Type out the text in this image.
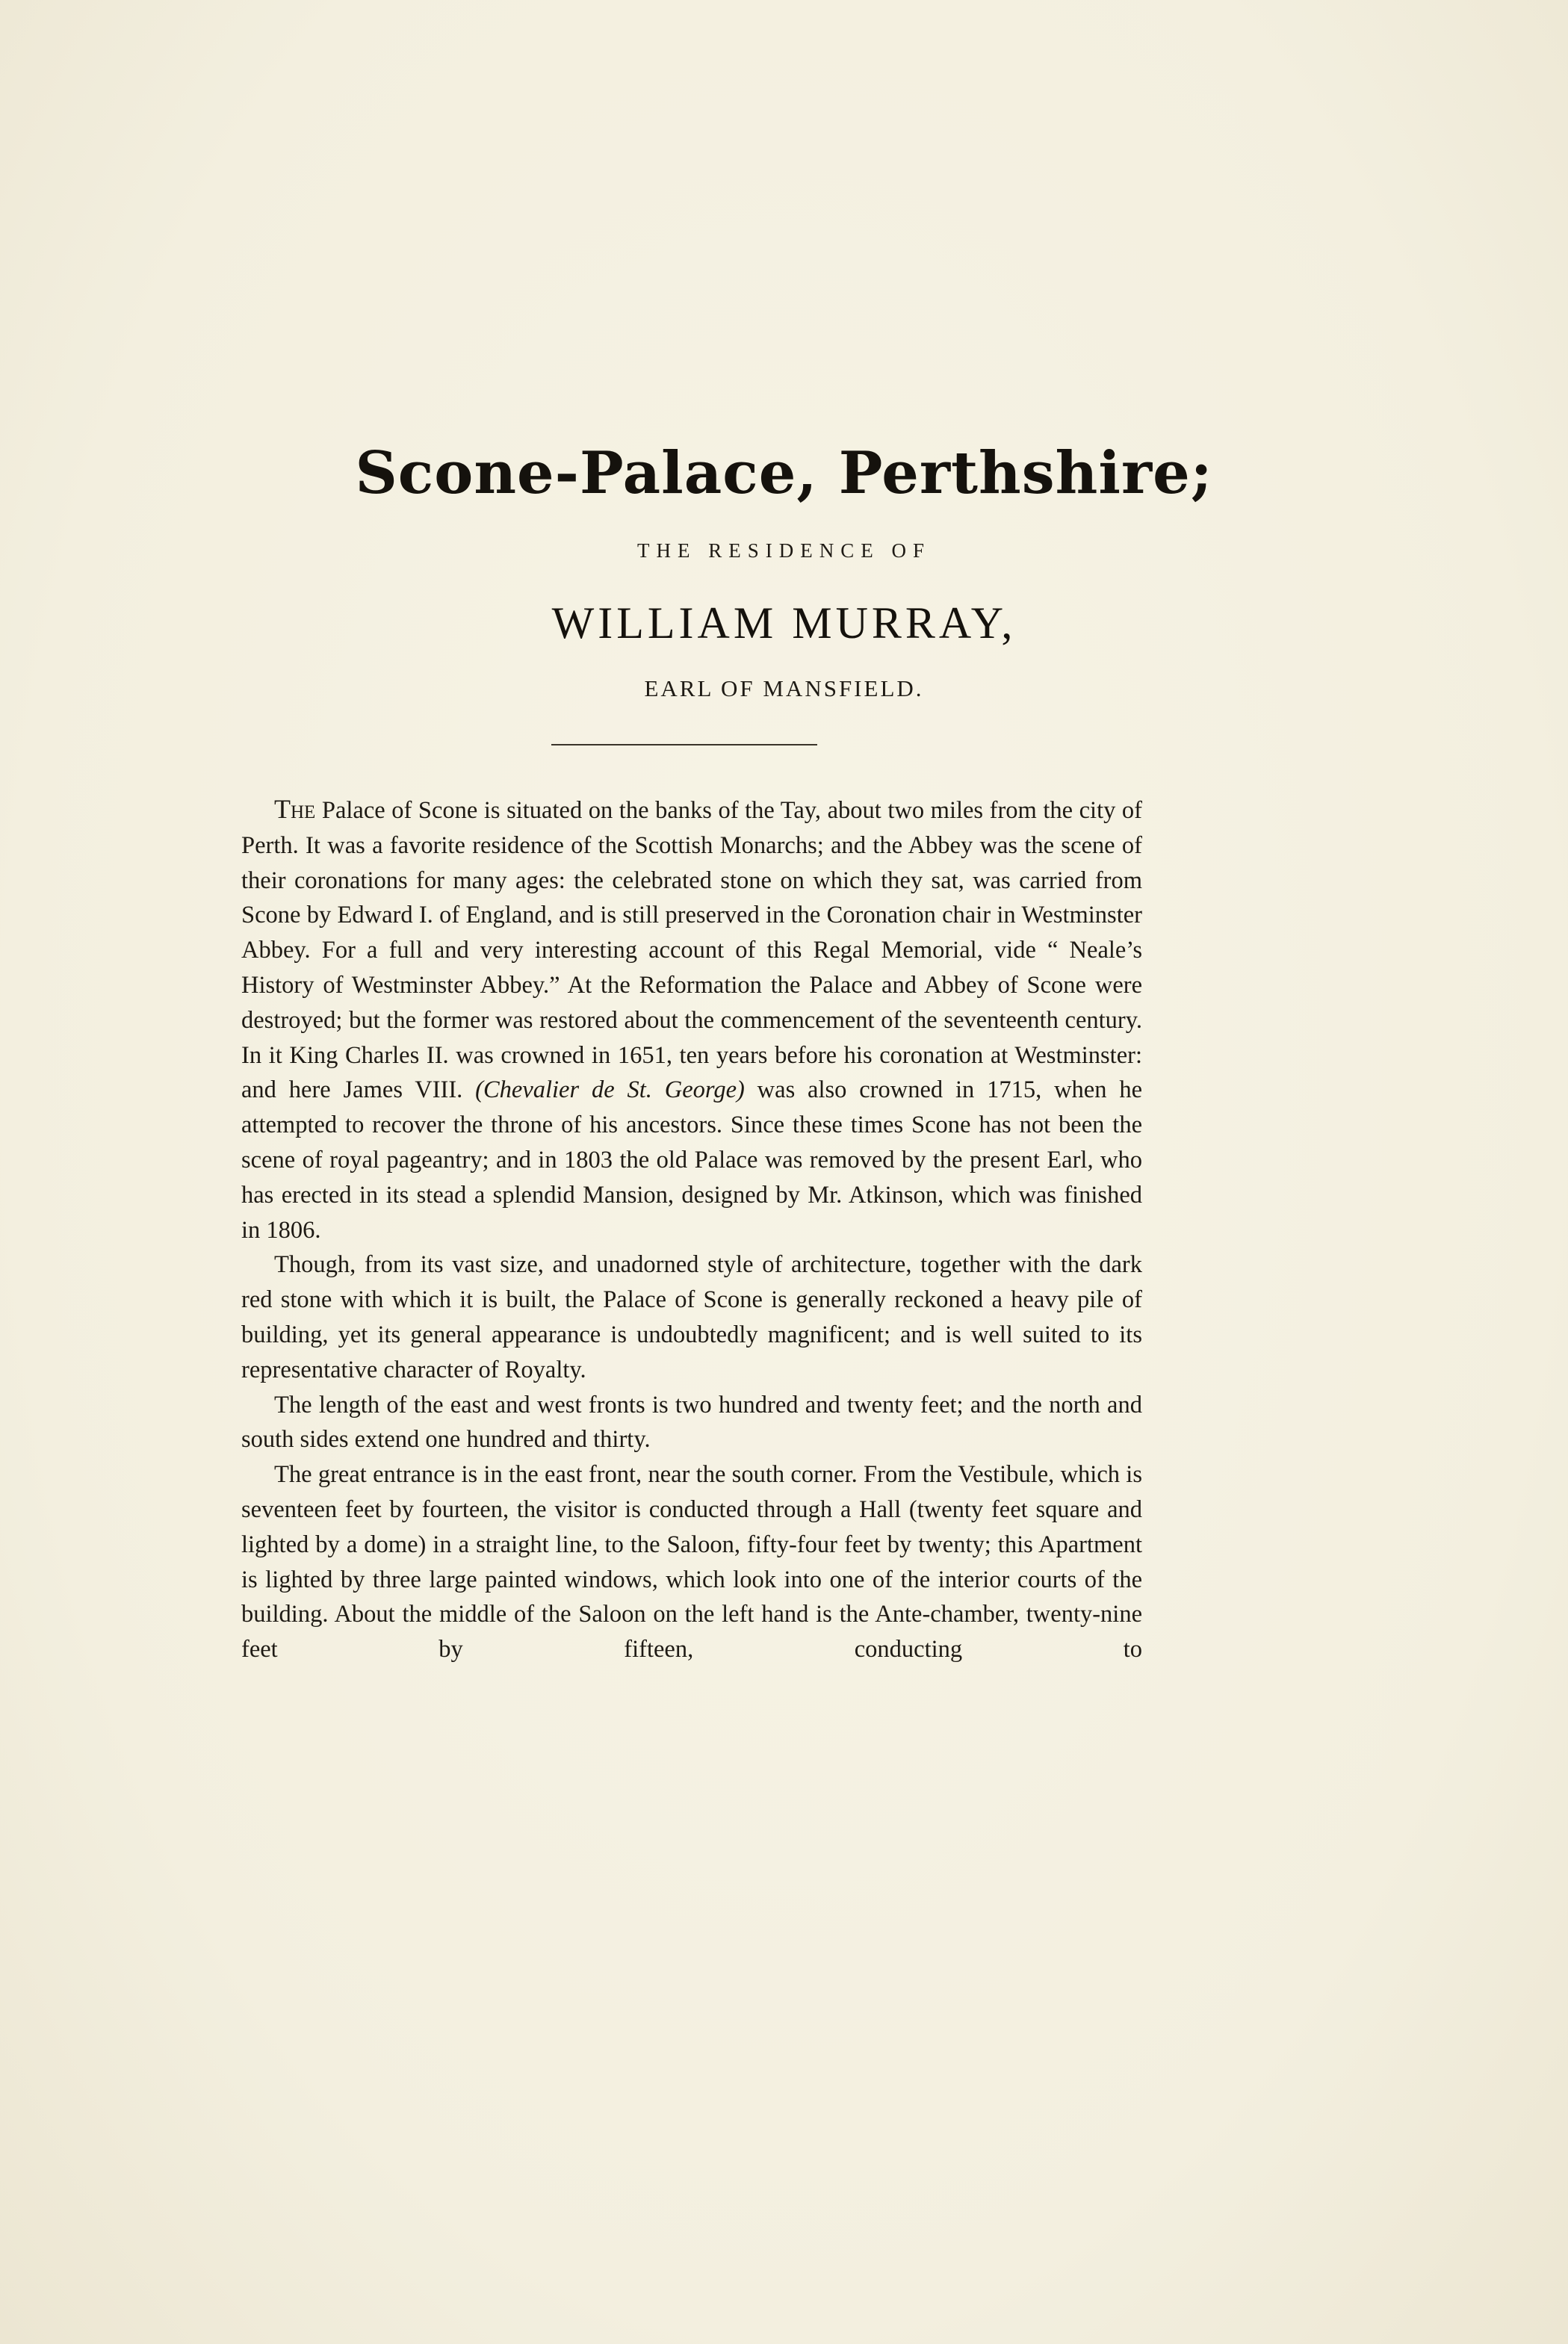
Scone-Palace, Perthshire;
THE RESIDENCE OF
WILLIAM MURRAY,
EARL OF MANSFIELD.

The Palace of Scone is situated on the banks of the Tay, about two miles from the city of Perth. It was a favorite residence of the Scottish Monarchs; and the Abbey was the scene of their coronations for many ages: the celebrated stone on which they sat, was carried from Scone by Edward I. of England, and is still preserved in the Coronation chair in Westminster Abbey. For a full and very interesting account of this Regal Memorial, vide “ Neale’s History of Westminster Abbey.” At the Reformation the Palace and Abbey of Scone were destroyed; but the former was restored about the commencement of the seventeenth century. In it King Charles II. was crowned in 1651, ten years before his coronation at Westminster: and here James VIII. (Chevalier de St. George) was also crowned in 1715, when he attempted to recover the throne of his ancestors. Since these times Scone has not been the scene of royal pageantry; and in 1803 the old Palace was removed by the present Earl, who has erected in its stead a splendid Mansion, designed by Mr. Atkinson, which was finished in 1806.

Though, from its vast size, and unadorned style of architecture, together with the dark red stone with which it is built, the Palace of Scone is generally reckoned a heavy pile of building, yet its general appearance is undoubtedly magnificent; and is well suited to its representative character of Royalty.

The length of the east and west fronts is two hundred and twenty feet; and the north and south sides extend one hundred and thirty.

The great entrance is in the east front, near the south corner. From the Vestibule, which is seventeen feet by fourteen, the visitor is conducted through a Hall (twenty feet square and lighted by a dome) in a straight line, to the Saloon, fifty-four feet by twenty; this Apartment is lighted by three large painted windows, which look into one of the interior courts of the building. About the middle of the Saloon on the left hand is the Ante-chamber, twenty-nine feet by fifteen, conducting to
